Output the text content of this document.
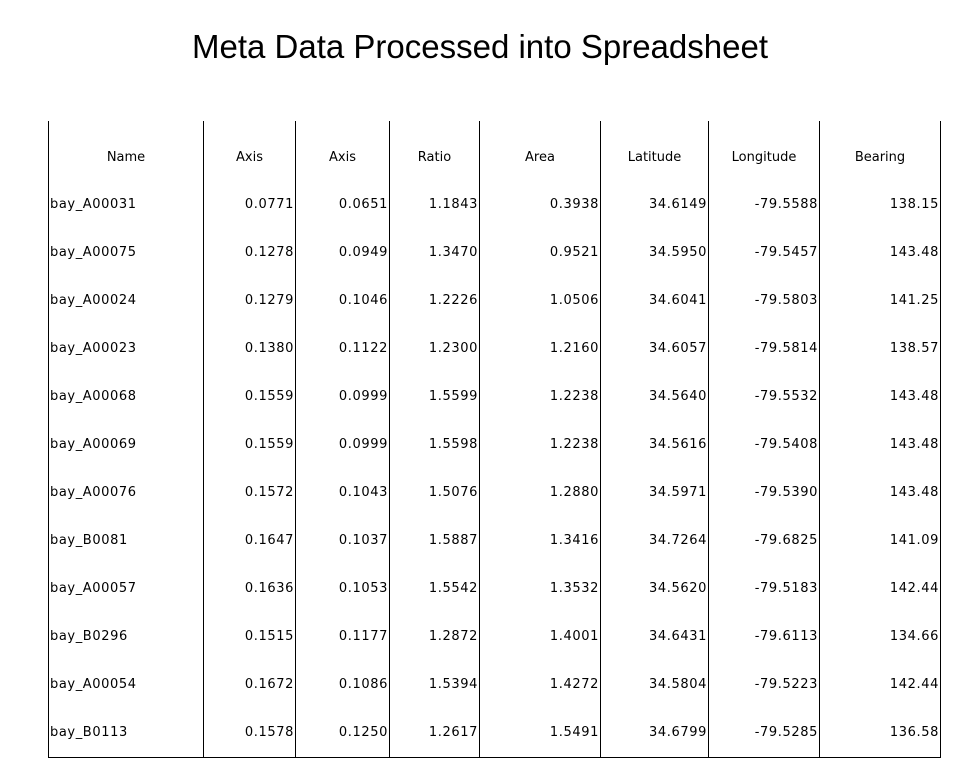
Meta Data Processed into Spreadsheet
Name	Axis	Axis	Ratio	Area	Latitude	Longitude	Bearing
bay_A00031	0.0771	0.0651	1.1843	0.3938	34.6149	-79.5588	138.15
bay_A00075	0.1278	0.0949	1.3470	0.9521	34.5950	-79.5457	143.48
bay_A00024	0.1279	0.1046	1.2226	1.0506	34.6041	-79.5803	141.25
bay_A00023	0.1380	0.1122	1.2300	1.2160	34.6057	-79.5814	138.57
bay_A00068	0.1559	0.0999	1.5599	1.2238	34.5640	-79.5532	143.48
bay_A00069	0.1559	0.0999	1.5598	1.2238	34.5616	-79.5408	143.48
bay_A00076	0.1572	0.1043	1.5076	1.2880	34.5971	-79.5390	143.48
bay_B0081	0.1647	0.1037	1.5887	1.3416	34.7264	-79.6825	141.09
bay_A00057	0.1636	0.1053	1.5542	1.3532	34.5620	-79.5183	142.44
bay_B0296	0.1515	0.1177	1.2872	1.4001	34.6431	-79.6113	134.66
bay_A00054	0.1672	0.1086	1.5394	1.4272	34.5804	-79.5223	142.44
bay_B0113	0.1578	0.1250	1.2617	1.5491	34.6799	-79.5285	136.58
